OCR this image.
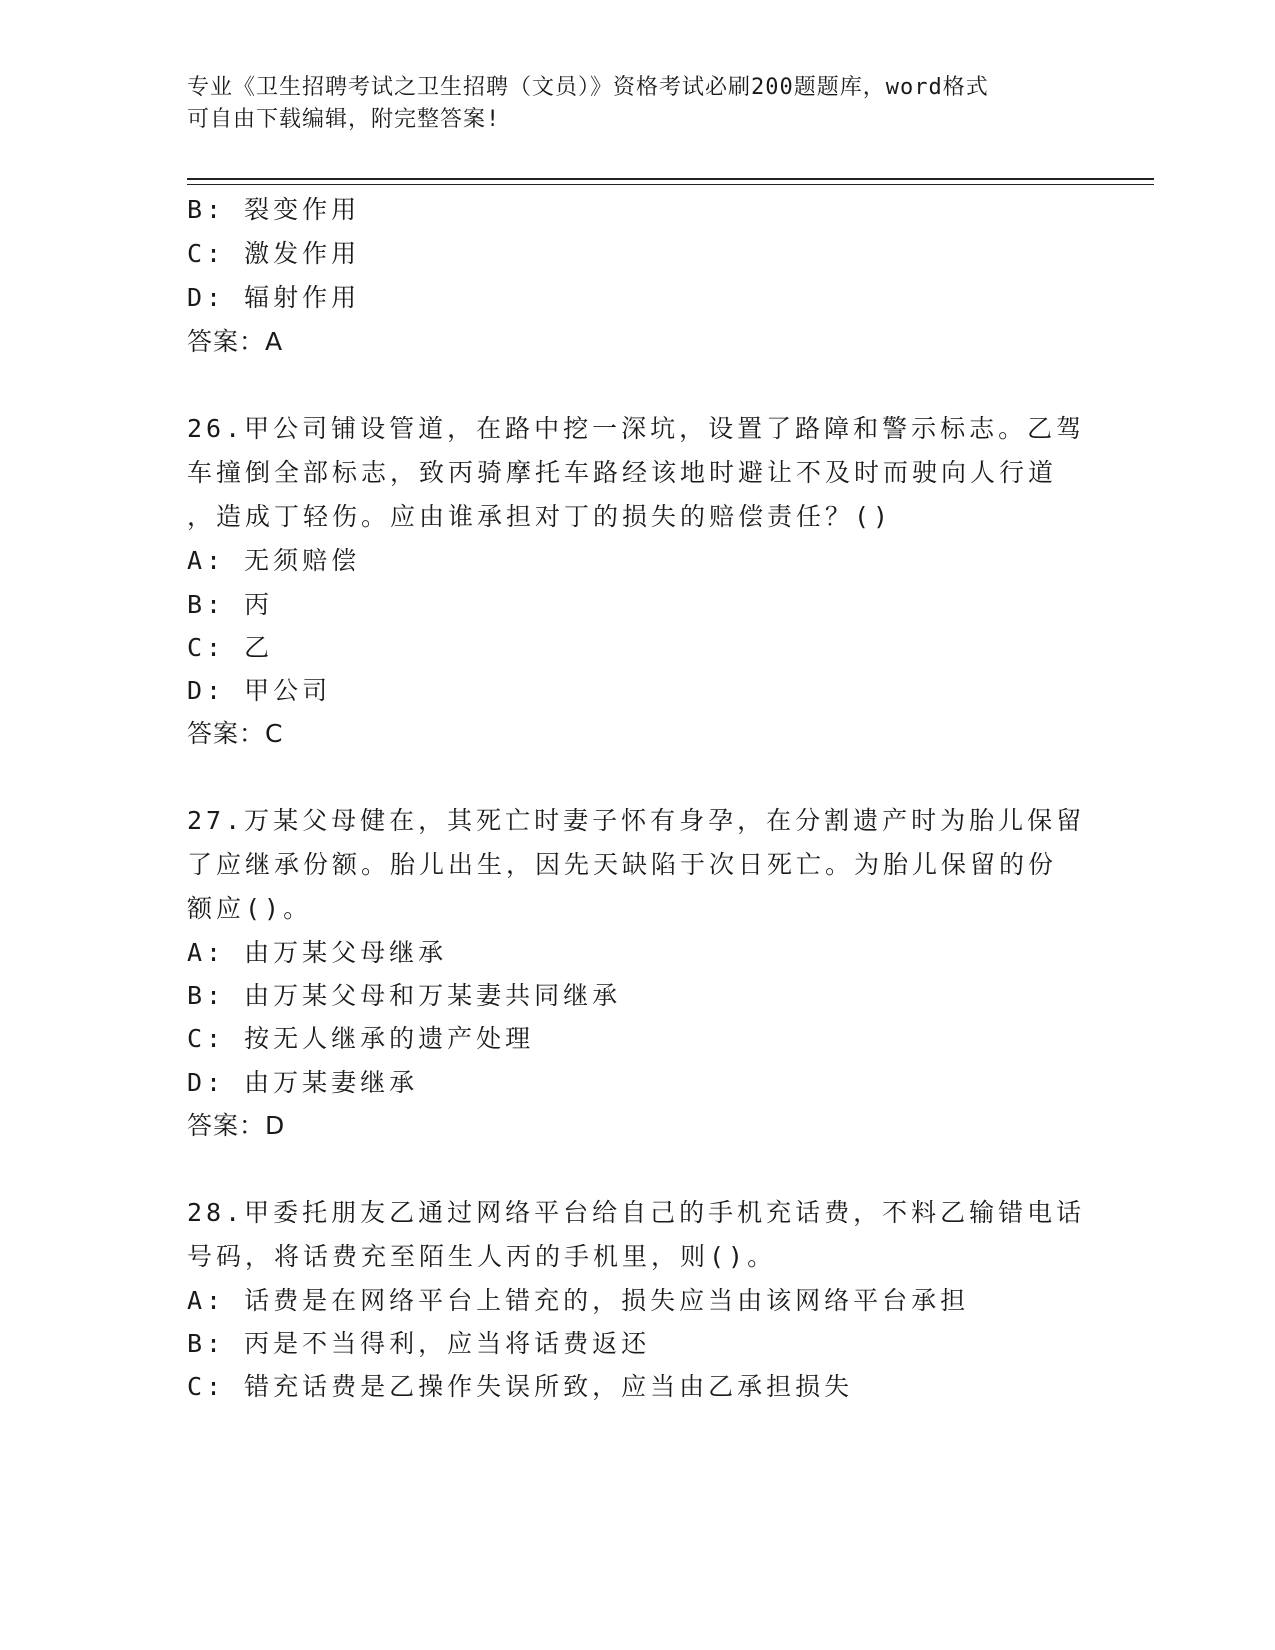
专业《卫生招聘考试之卫生招聘（文员）》资格考试必刷200题题库，word格式
可自由下载编辑，附完整答案!
B: 裂变作用
C: 激发作用
D: 辐射作用
答案：A
26.甲公司铺设管道，在路中挖一深坑，设置了路障和警示标志。乙驾
车撞倒全部标志，致丙骑摩托车路经该地时避让不及时而驶向人行道
，造成丁轻伤。应由谁承担对丁的损失的赔偿责任？()
A: 无须赔偿
B: 丙
C: 乙
D: 甲公司
答案：C
27.万某父母健在，其死亡时妻子怀有身孕，在分割遗产时为胎儿保留
了应继承份额。胎儿出生，因先天缺陷于次日死亡。为胎儿保留的份
额应()。
A: 由万某父母继承
B: 由万某父母和万某妻共同继承
C: 按无人继承的遗产处理
D: 由万某妻继承
答案：D
28.甲委托朋友乙通过网络平台给自己的手机充话费，不料乙输错电话
号码，将话费充至陌生人丙的手机里，则()。
A: 话费是在网络平台上错充的，损失应当由该网络平台承担
B: 丙是不当得利，应当将话费返还
C: 错充话费是乙操作失误所致，应当由乙承担损失
